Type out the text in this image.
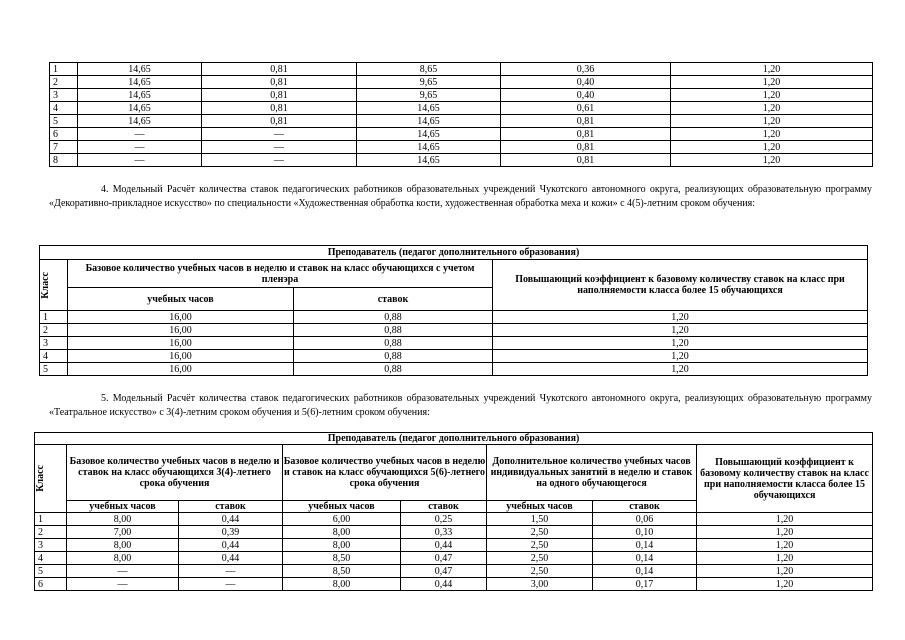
1	14,65	0,81	8,65	0,36	1,20
2	14,65	0,81	9,65	0,40	1,20
3	14,65	0,81	9,65	0,40	1,20
4	14,65	0,81	14,65	0,61	1,20
5	14,65	0,81	14,65	0,81	1,20
6	—	—	14,65	0,81	1,20
7	—	—	14,65	0,81	1,20
8	—	—	14,65	0,81	1,20
4. Модельный Расчёт количества ставок педагогических работников образовательных учреждений Чукотского автономного округа, реализующих образовательную программу «Декоративно-прикладное искусство» по специальности «Художественная обработка кости, художественная обработка меха и кожи» с 4(5)-летним сроком обучения:
Преподаватель (педагог дополнительного образования)			

Класс	Базовое количество учебных часов в неделю и ставок на класс обучающихся с учетом пленэра		Повышающий коэффициент к базовому количеству ставок на класс при наполняемости класса более 15 обучающихся
	учебных часов	ставок	
1	16,00	0,88	1,20
2	16,00	0,88	1,20
3	16,00	0,88	1,20
4	16,00	0,88	1,20
5	16,00	0,88	1,20
5. Модельный Расчёт количества ставок педагогических работников образовательных учреждений Чукотского автономного округа, реализующих образовательную программу «Театральное искусство» с 3(4)-летним сроком обучения и 5(6)-летним сроком обучения:
Преподаватель (педагог дополнительного образования)							

Класс	Базовое количество учебных часов в неделю и ставок на класс обучающихся 3(4)-летнего срока обучения		Базовое количество учебных часов в неделю и ставок на класс обучающихся 5(6)-летнего срока обучения		Дополнительное количество учебных часов индивидуальных занятий в неделю и ставок на одного обучающегося		Повышающий коэффициент к базовому количеству ставок на класс при наполняемости класса более 15 обучающихся
	учебных часов	ставок	учебных часов	ставок	учебных часов	ставок	
1	8,00	0,44	6,00	0,25	1,50	0,06	1,20
2	7,00	0,39	8,00	0,33	2,50	0,10	1,20
3	8,00	0,44	8,00	0,44	2,50	0,14	1,20
4	8,00	0,44	8,50	0,47	2,50	0,14	1,20
5	—	—	8,50	0,47	2,50	0,14	1,20
6	—	—	8,00	0,44	3,00	0,17	1,20
